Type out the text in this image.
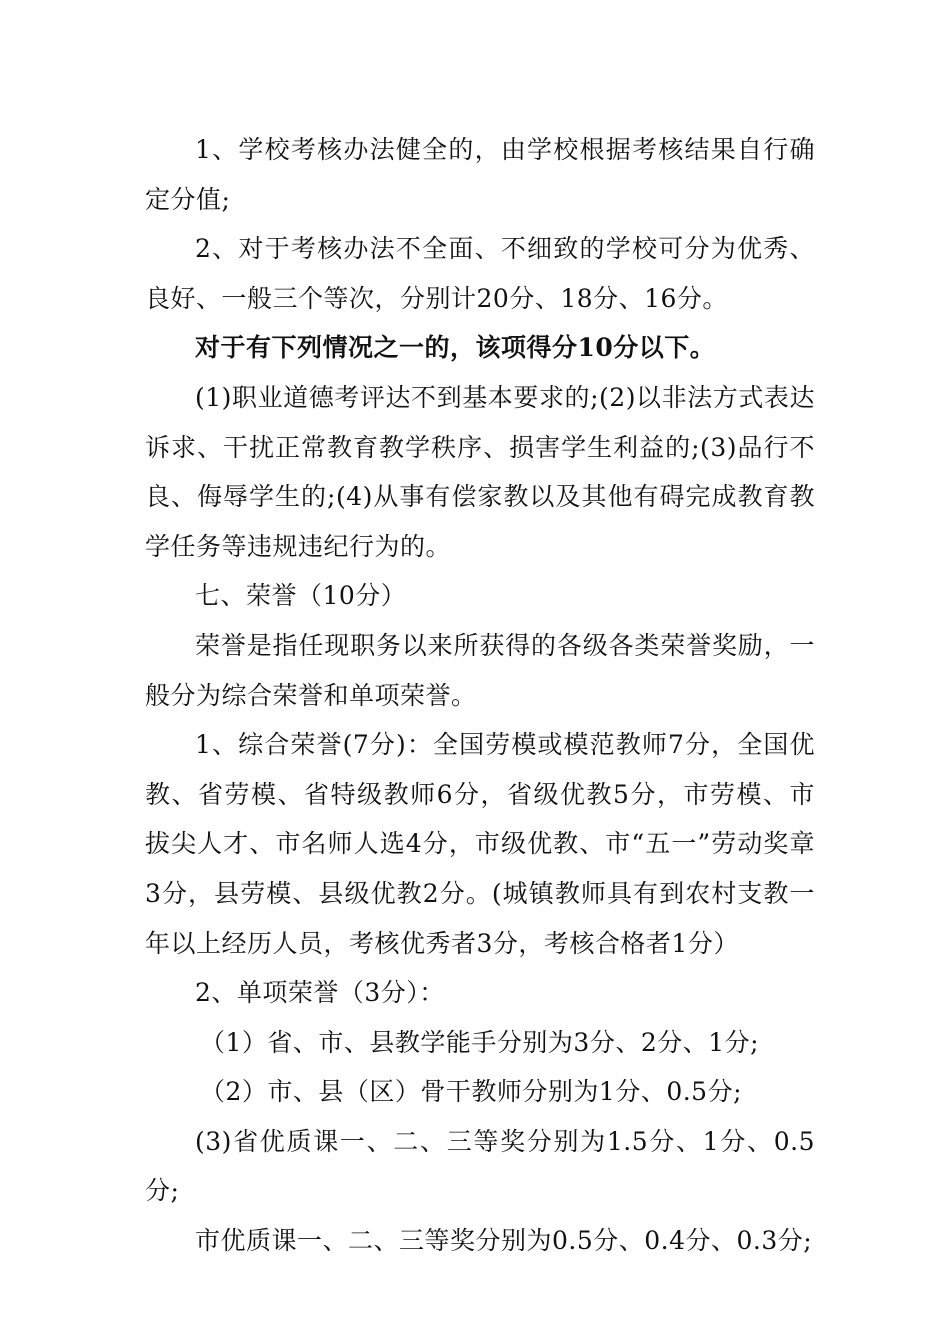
1、学校考核办法健全的，由学校根据考核结果自行确定分值;

2、对于考核办法不全面、不细致的学校可分为优秀、良好、一般三个等次，分别计20分、18分、16分。

对于有下列情况之一的，该项得分10分以下。

(1)职业道德考评达不到基本要求的;(2)以非法方式表达诉求、干扰正常教育教学秩序、损害学生利益的;(3)品行不良、侮辱学生的;(4)从事有偿家教以及其他有碍完成教育教学任务等违规违纪行为的。

七、荣誉（10分）

荣誉是指任现职务以来所获得的各级各类荣誉奖励，一般分为综合荣誉和单项荣誉。

1、综合荣誉(7分)：全国劳模或模范教师7分，全国优教、省劳模、省特级教师6分，省级优教5分，市劳模、市拔尖人才、市名师人选4分，市级优教、市“五一”劳动奖章3分，县劳模、县级优教2分。(城镇教师具有到农村支教一年以上经历人员，考核优秀者3分，考核合格者1分）

2、单项荣誉（3分）：

（1）省、市、县教学能手分别为3分、2分、1分;

（2）市、县（区）骨干教师分别为1分、0.5分;

(3)省优质课一、二、三等奖分别为1.5分、1分、0.5分;

市优质课一、二、三等奖分别为0.5分、0.4分、0.3分;
